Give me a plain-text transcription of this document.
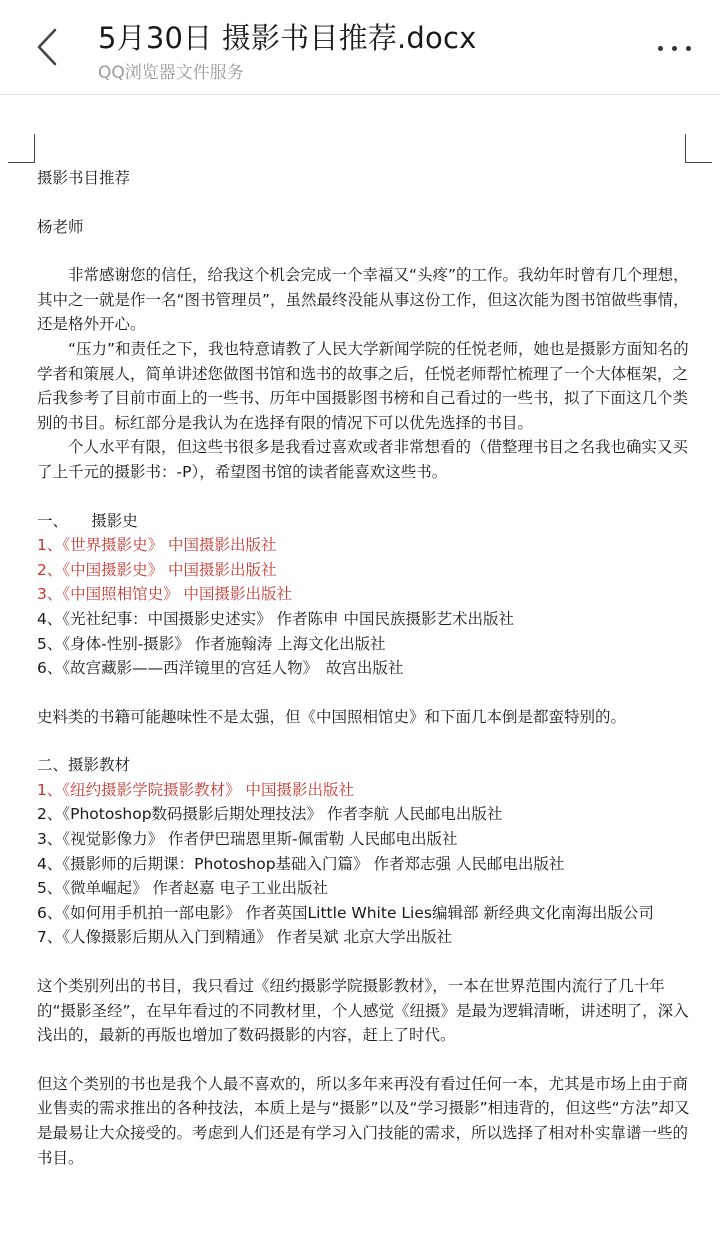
5月30日 摄影书目推荐.docx
QQ浏览器文件服务

摄影书目推荐

杨老师

非常感谢您的信任，给我这个机会完成一个幸福又“头疼”的工作。我幼年时曾有几个理想，其中之一就是作一名“图书管理员”，虽然最终没能从事这份工作，但这次能为图书馆做些事情，还是格外开心。

“压力”和责任之下，我也特意请教了人民大学新闻学院的任悦老师，她也是摄影方面知名的学者和策展人，简单讲述您做图书馆和选书的故事之后，任悦老师帮忙梳理了一个大体框架，之后我参考了目前市面上的一些书、历年中国摄影图书榜和自己看过的一些书，拟了下面这几个类别的书目。标红部分是我认为在选择有限的情况下可以优先选择的书目。

个人水平有限，但这些书很多是我看过喜欢或者非常想看的（借整理书目之名我也确实又买了上千元的摄影书：-P），希望图书馆的读者能喜欢这些书。

一、　　摄影史

1、《世界摄影史》 中国摄影出版社

2、《中国摄影史》 中国摄影出版社

3、《中国照相馆史》 中国摄影出版社

4、《光社纪事：中国摄影史述实》 作者陈申 中国民族摄影艺术出版社

5、《身体-性别-摄影》 作者施翰涛 上海文化出版社

6、《故宫藏影——西洋镜里的宫廷人物》　故宫出版社

史料类的书籍可能趣味性不是太强，但《中国照相馆史》和下面几本倒是都蛮特别的。

二、摄影教材

1、《纽约摄影学院摄影教材》 中国摄影出版社

2、《Photoshop数码摄影后期处理技法》 作者李航 人民邮电出版社

3、《视觉影像力》 作者伊巴瑞恩里斯-佩雷勒 人民邮电出版社

4、《摄影师的后期课：Photoshop基础入门篇》 作者郑志强 人民邮电出版社

5、《微单崛起》 作者赵嘉 电子工业出版社

6、《如何用手机拍一部电影》 作者英国Little White Lies编辑部 新经典文化南海出版公司

7、《人像摄影后期从入门到精通》 作者吴斌 北京大学出版社

这个类别列出的书目，我只看过《纽约摄影学院摄影教材》，一本在世界范围内流行了几十年的“摄影圣经”，在早年看过的不同教材里，个人感觉《纽摄》是最为逻辑清晰，讲述明了，深入浅出的，最新的再版也增加了数码摄影的内容，赶上了时代。

但这个类别的书也是我个人最不喜欢的，所以多年来再没有看过任何一本，尤其是市场上由于商业售卖的需求推出的各种技法，本质上是与“摄影”以及“学习摄影”相违背的，但这些“方法”却又是最易让大众接受的。考虑到人们还是有学习入门技能的需求，所以选择了相对朴实靠谱一些的书目。
